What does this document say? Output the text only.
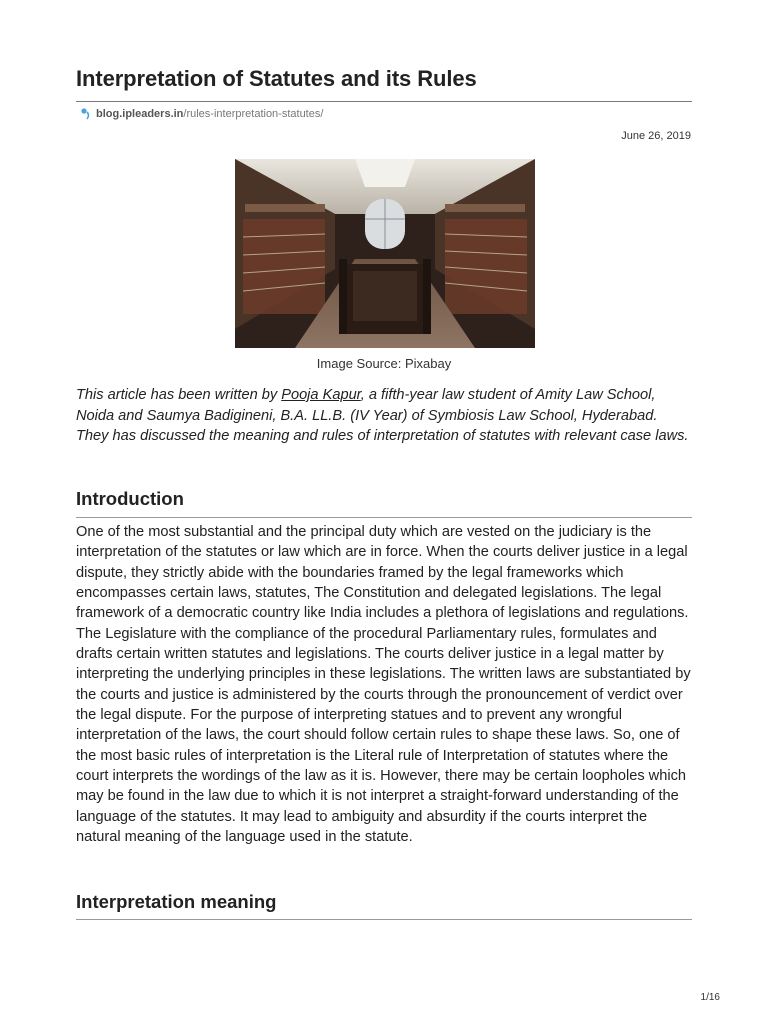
Interpretation of Statutes and its Rules
blog.ipleaders.in /rules-interpretation-statutes/
June 26, 2019
Image Source: Pixabay

This article has been written by Pooja Kapur, a fifth-year law student of Amity Law School, Noida and Saumya Badigineni, B.A. LL.B. (IV Year) of Symbiosis Law School, Hyderabad. They has discussed the meaning and rules of interpretation of statutes with relevant case laws.

Introduction

One of the most substantial and the principal duty which are vested on the judiciary is the interpretation of the statutes or law which are in force. When the courts deliver justice in a legal dispute, they strictly abide with the boundaries framed by the legal frameworks which encompasses certain laws, statutes, The Constitution and delegated legislations. The legal framework of a democratic country like India includes a plethora of legislations and regulations. The Legislature with the compliance of the procedural Parliamentary rules, formulates and drafts certain written statutes and legislations. The courts deliver justice in a legal matter by interpreting the underlying principles in these legislations. The written laws are substantiated by the courts and justice is administered by the courts through the pronouncement of verdict over the legal dispute. For the purpose of interpreting statues and to prevent any wrongful interpretation of the laws, the court should follow certain rules to shape these laws. So, one of the most basic rules of interpretation is the Literal rule of Interpretation of statutes where the court interprets the wordings of the law as it is. However, there may be certain loopholes which may be found in the law due to which it is not interpret a straight-forward understanding of the language of the statutes. It may lead to ambiguity and absurdity if the courts interpret the natural meaning of the language used in the statute.

Interpretation meaning
1/16
